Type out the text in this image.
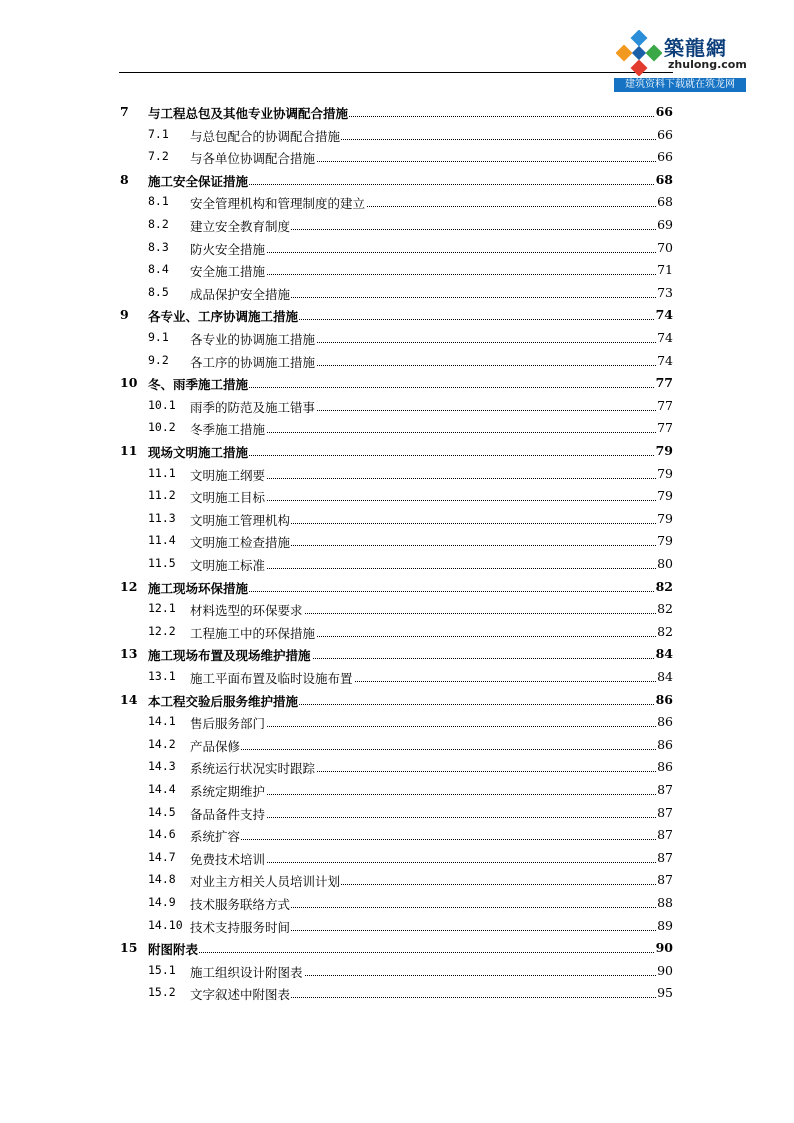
築龍網
zhulong.com
建筑资料下载就在筑龙网
7 与工程总包及其他专业协调配合措施	66
7.1 与总包配合的协调配合措施	66
7.2 与各单位协调配合措施	66
8 施工安全保证措施	68
8.1 安全管理机构和管理制度的建立	68
8.2 建立安全教育制度	69
8.3 防火安全措施	70
8.4 安全施工措施	71
8.5 成品保护安全措施	73
9 各专业、工序协调施工措施	74
9.1 各专业的协调施工措施	74
9.2 各工序的协调施工措施	74
10 冬、雨季施工措施	77
10.1 雨季的防范及施工错事	77
10.2 冬季施工措施	77
11 现场文明施工措施	79
11.1 文明施工纲要	79
11.2 文明施工目标	79
11.3 文明施工管理机构	79
11.4 文明施工检查措施	79
11.5 文明施工标准	80
12 施工现场环保措施	82
12.1 材料选型的环保要求	82
12.2 工程施工中的环保措施	82
13 施工现场布置及现场维护措施	84
13.1 施工平面布置及临时设施布置	84
14 本工程交验后服务维护措施	86
14.1 售后服务部门	86
14.2 产品保修	86
14.3 系统运行状况实时跟踪	86
14.4 系统定期维护	87
14.5 备品备件支持	87
14.6 系统扩容	87
14.7 免费技术培训	87
14.8 对业主方相关人员培训计划	87
14.9 技术服务联络方式	88
14.10 技术支持服务时间	89
15 附图附表	90
15.1 施工组织设计附图表	90
15.2 文字叙述中附图表	95
